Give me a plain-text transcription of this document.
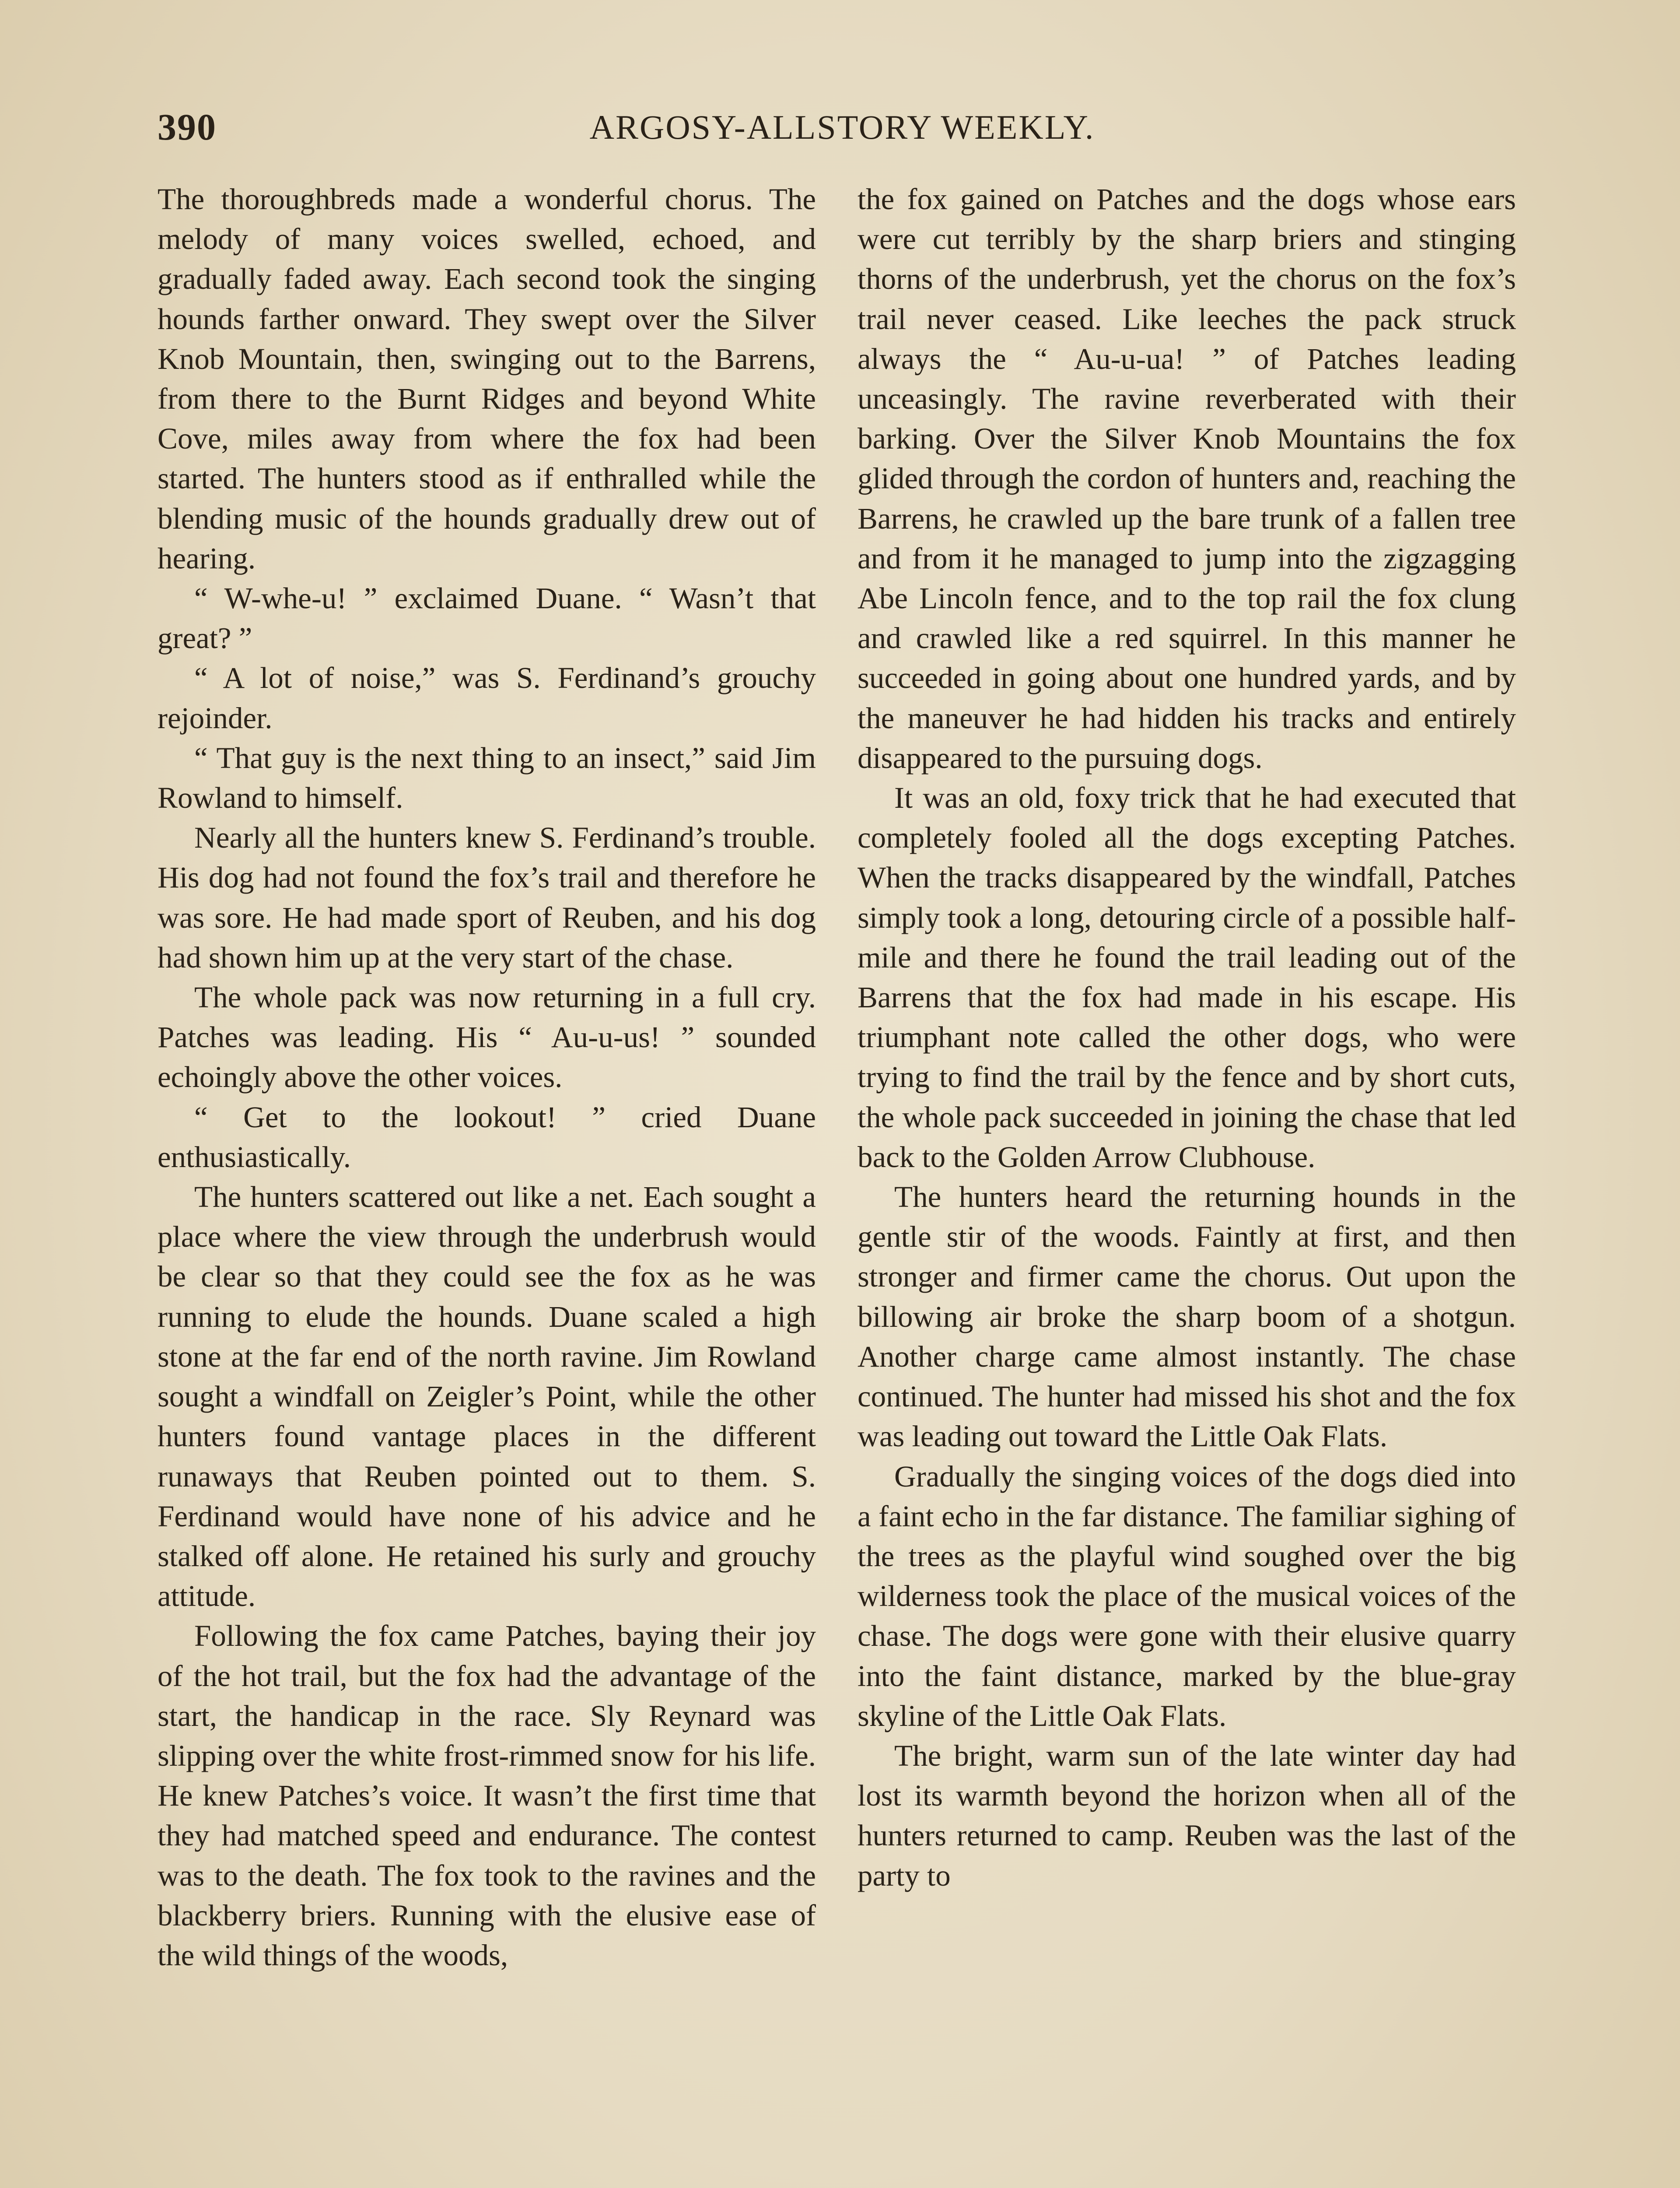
390	ARGOSY-ALLSTORY WEEKLY.

The thoroughbreds made a wonderful chorus. The melody of many voices swelled, echoed, and gradually faded away. Each second took the singing hounds farther onward. They swept over the Silver Knob Mountain, then, swinging out to the Barrens, from there to the Burnt Ridges and beyond White Cove, miles away from where the fox had been started. The hunters stood as if enthralled while the blending music of the hounds gradually drew out of hearing.

“ W-whe-u! ” exclaimed Duane. “ Wasn’t that great? ”

“ A lot of noise,” was S. Ferdinand’s grouchy rejoinder.

“ That guy is the next thing to an insect,” said Jim Rowland to himself.

Nearly all the hunters knew S. Ferdinand’s trouble. His dog had not found the fox’s trail and therefore he was sore. He had made sport of Reuben, and his dog had shown him up at the very start of the chase.

The whole pack was now returning in a full cry. Patches was leading. His “ Au-u-us! ” sounded echoingly above the other voices.

“ Get to the lookout! ” cried Duane enthusiastically.

The hunters scattered out like a net. Each sought a place where the view through the underbrush would be clear so that they could see the fox as he was running to elude the hounds. Duane scaled a high stone at the far end of the north ravine. Jim Rowland sought a windfall on Zeigler’s Point, while the other hunters found vantage places in the different runaways that Reuben pointed out to them. S. Ferdinand would have none of his advice and he stalked off alone. He retained his surly and grouchy attitude.

Following the fox came Patches, baying their joy of the hot trail, but the fox had the advantage of the start, the handicap in the race. Sly Reynard was slipping over the white frost-rimmed snow for his life. He knew Patches’s voice. It wasn’t the first time that they had matched speed and endurance. The contest was to the death. The fox took to the ravines and the blackberry briers. Running with the elusive ease of the wild things of the woods,

the fox gained on Patches and the dogs whose ears were cut terribly by the sharp briers and stinging thorns of the underbrush, yet the chorus on the fox’s trail never ceased. Like leeches the pack struck always the “ Au-u-ua! ” of Patches leading unceasingly. The ravine reverberated with their barking. Over the Silver Knob Mountains the fox glided through the cordon of hunters and, reaching the Barrens, he crawled up the bare trunk of a fallen tree and from it he managed to jump into the zigzagging Abe Lincoln fence, and to the top rail the fox clung and crawled like a red squirrel. In this manner he succeeded in going about one hundred yards, and by the maneuver he had hidden his tracks and entirely disappeared to the pursuing dogs.

It was an old, foxy trick that he had executed that completely fooled all the dogs excepting Patches. When the tracks disappeared by the windfall, Patches simply took a long, detouring circle of a possible half-mile and there he found the trail leading out of the Barrens that the fox had made in his escape. His triumphant note called the other dogs, who were trying to find the trail by the fence and by short cuts, the whole pack succeeded in joining the chase that led back to the Golden Arrow Clubhouse.

The hunters heard the returning hounds in the gentle stir of the woods. Faintly at first, and then stronger and firmer came the chorus. Out upon the billowing air broke the sharp boom of a shotgun. Another charge came almost instantly. The chase continued. The hunter had missed his shot and the fox was leading out toward the Little Oak Flats.

Gradually the singing voices of the dogs died into a faint echo in the far distance. The familiar sighing of the trees as the playful wind soughed over the big wilderness took the place of the musical voices of the chase. The dogs were gone with their elusive quarry into the faint distance, marked by the blue-gray skyline of the Little Oak Flats.

The bright, warm sun of the late winter day had lost its warmth beyond the horizon when all of the hunters returned to camp. Reuben was the last of the party to
